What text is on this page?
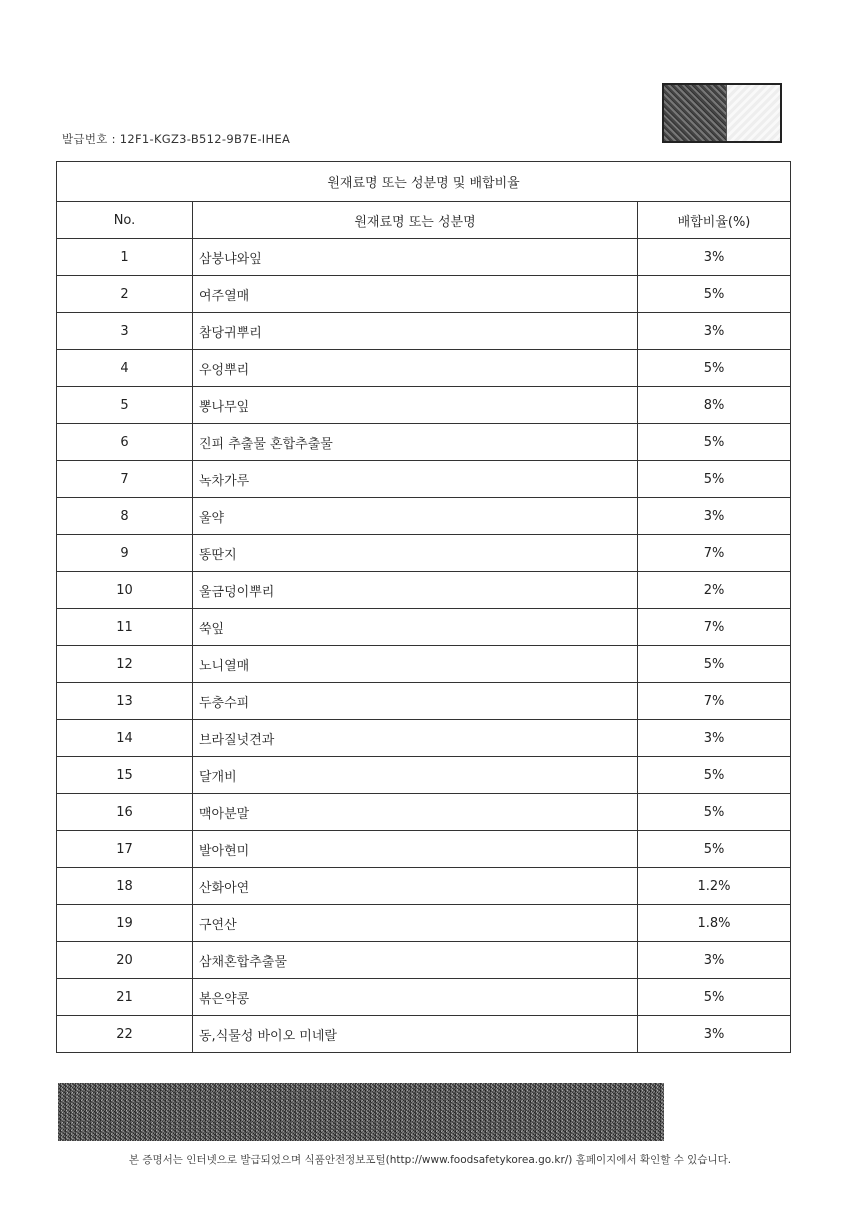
발급번호 : 12F1-KGZ3-B512-9B7E-IHEA
원재료명 또는 성분명 및 배합비율		
No.	원재료명 또는 성분명	배합비율(%)
1	삼붕냐와잎	3%
2	여주열매	5%
3	참당귀뿌리	3%
4	우엉뿌리	5%
5	뽕나무잎	8%
6	진피 추출물 혼합추출물	5%
7	녹차가루	5%
8	울약	3%
9	똥딴지	7%
10	울금덩이뿌리	2%
11	쑥잎	7%
12	노니열매	5%
13	두충수피	7%
14	브라질넛견과	3%
15	달개비	5%
16	맥아분말	5%
17	발아현미	5%
18	산화아연	1.2%
19	구연산	1.8%
20	삼채혼합추출물	3%
21	볶은약콩	5%
22	동,식물성 바이오 미네랄	3%
본 증명서는 인터넷으로 발급되었으며 식품안전정보포털(http://www.foodsafetykorea.go.kr/) 홈페이지에서 확인할 수 있습니다.
